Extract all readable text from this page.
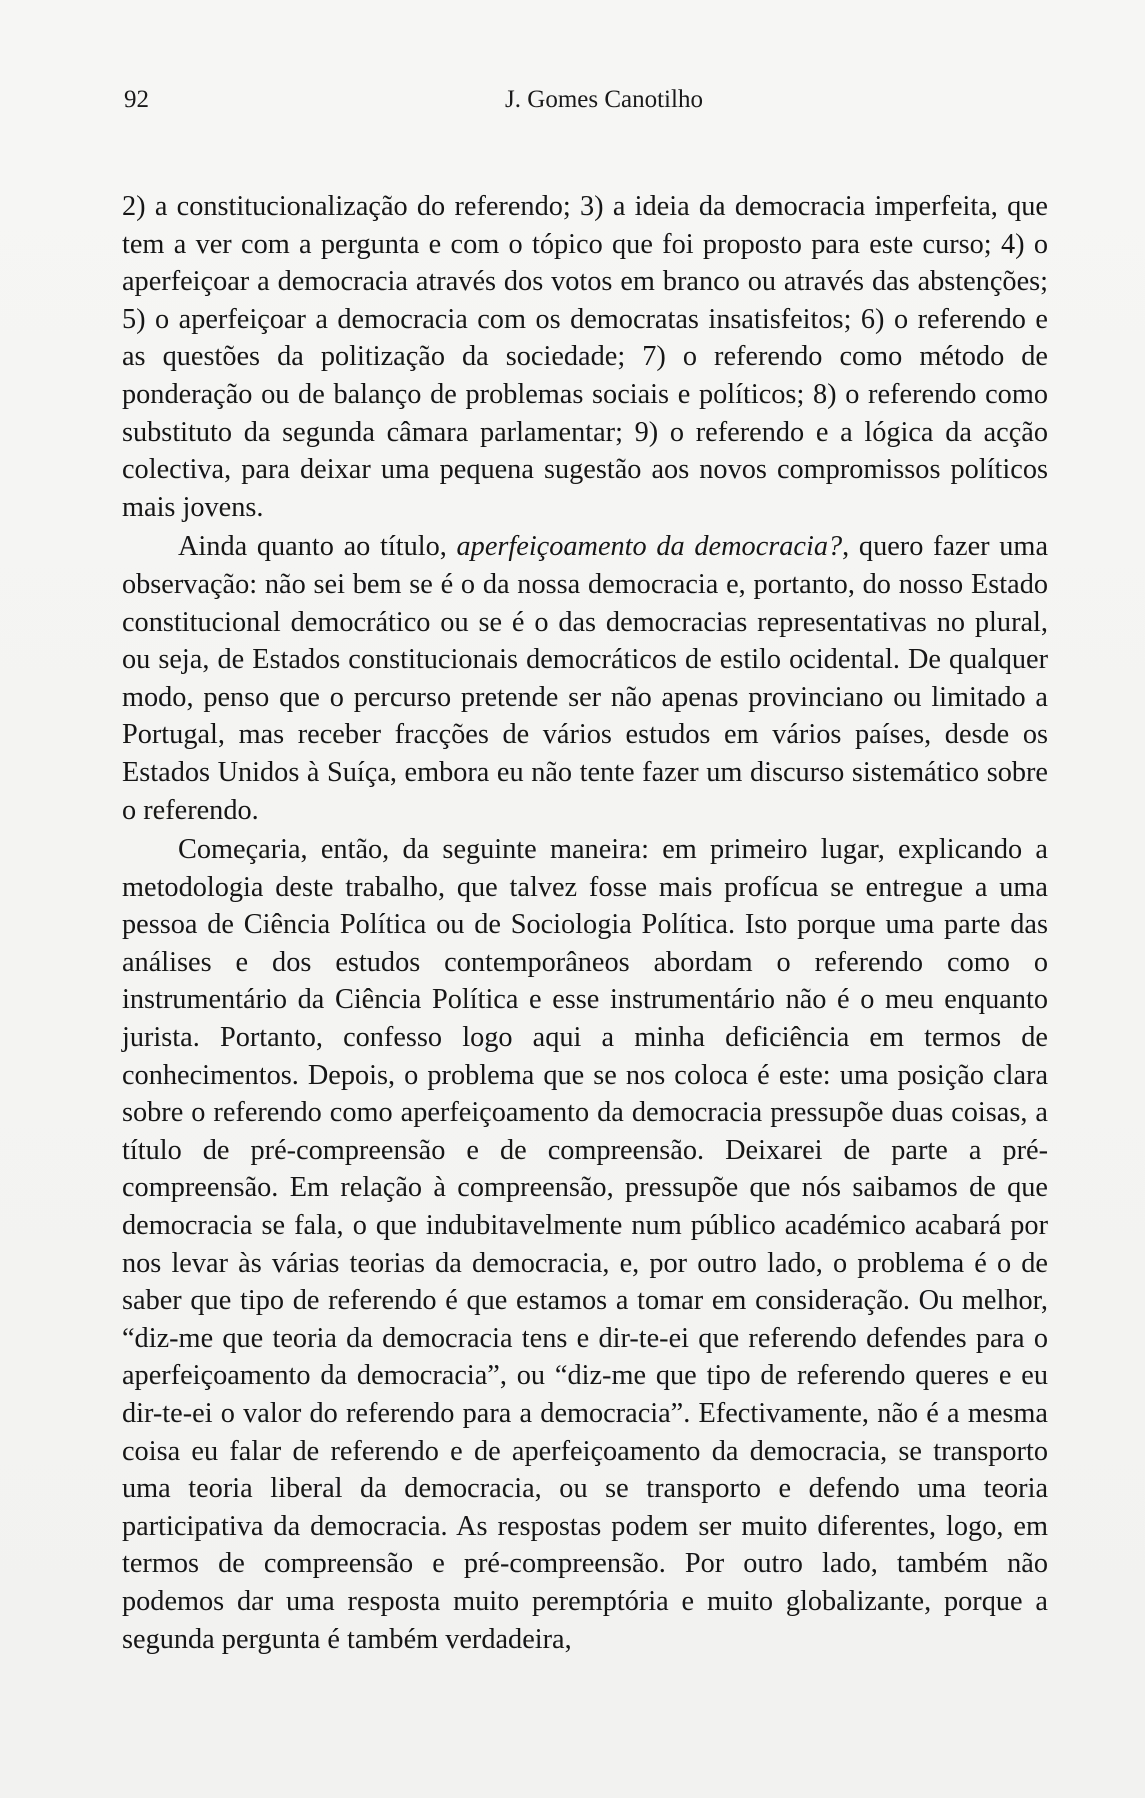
92	J. Gomes Canotilho

2) a constitucionalização do referendo; 3) a ideia da democracia imperfeita, que tem a ver com a pergunta e com o tópico que foi proposto para este curso; 4) o aperfeiçoar a democracia através dos votos em branco ou através das abstenções; 5) o aperfeiçoar a democracia com os democratas insatisfeitos; 6) o referendo e as questões da politização da sociedade; 7) o referendo como método de ponderação ou de balanço de problemas sociais e políticos; 8) o referendo como substituto da segunda câmara parlamentar; 9) o referendo e a lógica da acção colectiva, para deixar uma pequena sugestão aos novos compromissos políticos mais jovens.

Ainda quanto ao título, aperfeiçoamento da democracia?, quero fazer uma observação: não sei bem se é o da nossa democracia e, portanto, do nosso Estado constitucional democrático ou se é o das democracias representativas no plural, ou seja, de Estados constitucionais democráticos de estilo ocidental. De qualquer modo, penso que o percurso pretende ser não apenas provinciano ou limitado a Portugal, mas receber fracções de vários estudos em vários países, desde os Estados Unidos à Suíça, embora eu não tente fazer um discurso sistemático sobre o referendo.

Começaria, então, da seguinte maneira: em primeiro lugar, explicando a metodologia deste trabalho, que talvez fosse mais profícua se entregue a uma pessoa de Ciência Política ou de Sociologia Política. Isto porque uma parte das análises e dos estudos contemporâneos abordam o referendo como o instrumentário da Ciência Política e esse instrumentário não é o meu enquanto jurista. Portanto, confesso logo aqui a minha deficiência em termos de conhecimentos. Depois, o problema que se nos coloca é este: uma posição clara sobre o referendo como aperfeiçoamento da democracia pressupõe duas coisas, a título de pré-compreensão e de compreensão. Deixarei de parte a pré-compreensão. Em relação à compreensão, pressupõe que nós saibamos de que democracia se fala, o que indubitavelmente num público académico acabará por nos levar às várias teorias da democracia, e, por outro lado, o problema é o de saber que tipo de referendo é que estamos a tomar em consideração. Ou melhor, “diz-me que teoria da democracia tens e dir-te-ei que referendo defendes para o aperfeiçoamento da democracia”, ou “diz-me que tipo de referendo queres e eu dir-te-ei o valor do referendo para a democracia”. Efectivamente, não é a mesma coisa eu falar de referendo e de aperfeiçoamento da democracia, se transporto uma teoria liberal da democracia, ou se transporto e defendo uma teoria participativa da democracia. As respostas podem ser muito diferentes, logo, em termos de compreensão e pré-compreensão. Por outro lado, também não podemos dar uma resposta muito peremptória e muito globalizante, porque a segunda pergunta é também verdadeira,
